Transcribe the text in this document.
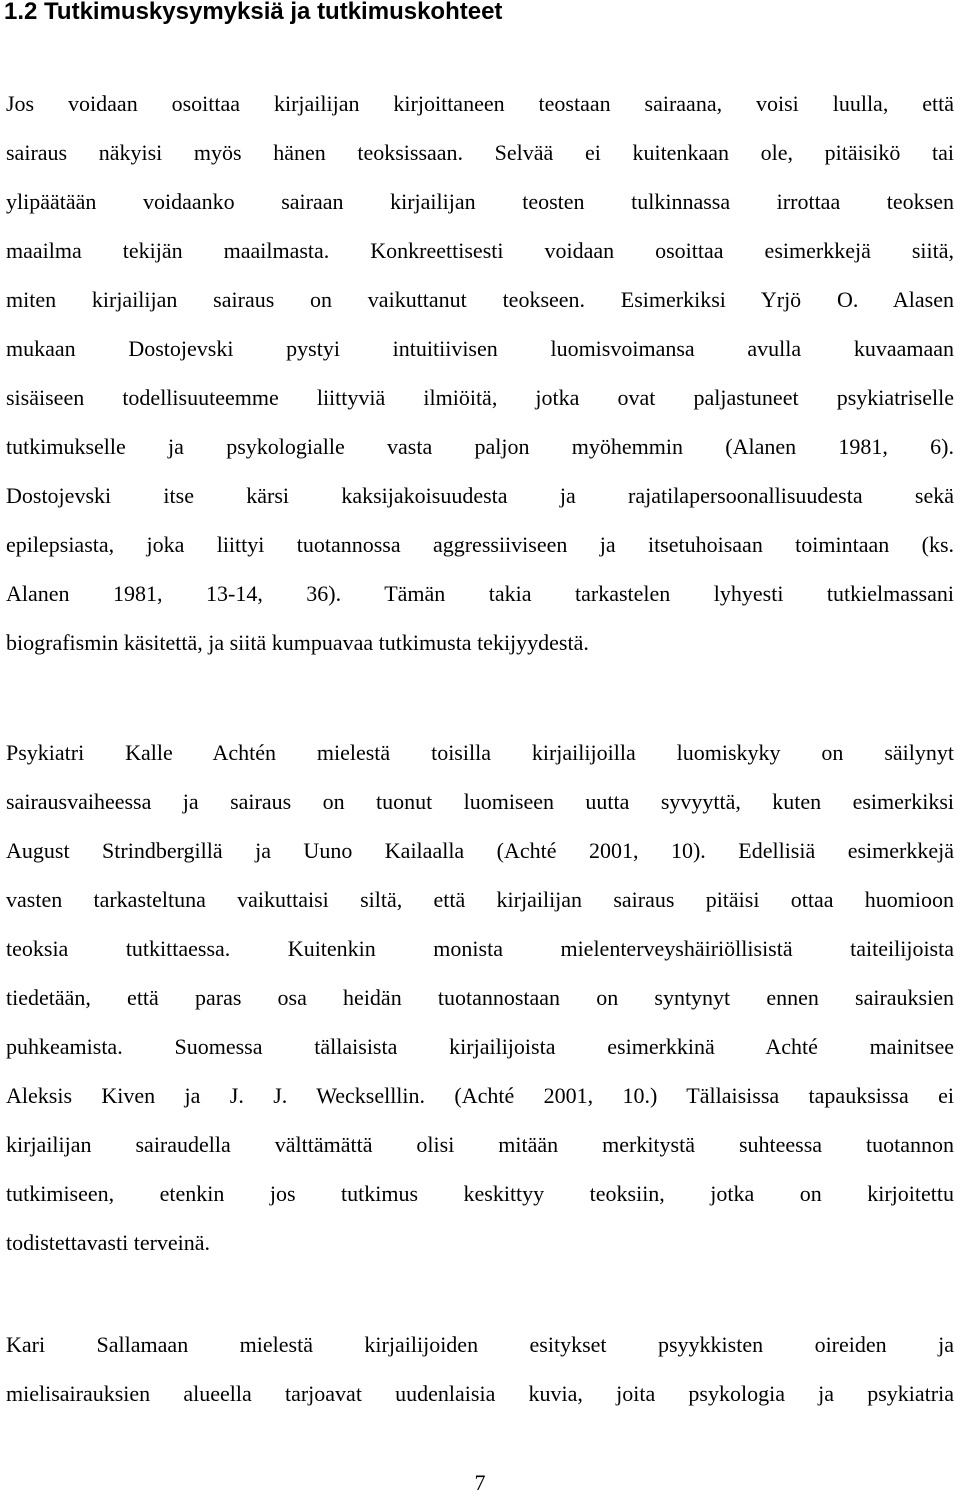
1.2 Tutkimuskysymyksiä ja tutkimuskohteet
Jos voidaan osoittaa kirjailijan kirjoittaneen teostaan sairaana, voisi luulla, että
sairaus näkyisi myös hänen teoksissaan. Selvää ei kuitenkaan ole, pitäisikö tai
ylipäätään voidaanko sairaan kirjailijan teosten tulkinnassa irrottaa teoksen
maailma tekijän maailmasta. Konkreettisesti voidaan osoittaa esimerkkejä siitä,
miten kirjailijan sairaus on vaikuttanut teokseen. Esimerkiksi Yrjö O. Alasen
mukaan Dostojevski pystyi intuitiivisen luomisvoimansa avulla kuvaamaan
sisäiseen todellisuuteemme liittyviä ilmiöitä, jotka ovat paljastuneet psykiatriselle
tutkimukselle ja psykologialle vasta paljon myöhemmin (Alanen 1981, 6).
Dostojevski itse kärsi kaksijakoisuudesta ja rajatilapersoonallisuudesta sekä
epilepsiasta, joka liittyi tuotannossa aggressiiviseen ja itsetuhoisaan toimintaan (ks.
Alanen 1981, 13-14, 36). Tämän takia tarkastelen lyhyesti tutkielmassani
biografismin käsitettä, ja siitä kumpuavaa tutkimusta tekijyydestä.
Psykiatri Kalle Achtén mielestä toisilla kirjailijoilla luomiskyky on säilynyt
sairausvaiheessa ja sairaus on tuonut luomiseen uutta syvyyttä, kuten esimerkiksi
August Strindbergillä ja Uuno Kailaalla (Achté 2001, 10). Edellisiä esimerkkejä
vasten tarkasteltuna vaikuttaisi siltä, että kirjailijan sairaus pitäisi ottaa huomioon
teoksia tutkittaessa. Kuitenkin monista mielenterveyshäiriöllisistä taiteilijoista
tiedetään, että paras osa heidän tuotannostaan on syntynyt ennen sairauksien
puhkeamista. Suomessa tällaisista kirjailijoista esimerkkinä Achté mainitsee
Aleksis Kiven ja J. J. Weckselllin. (Achté 2001, 10.) Tällaisissa tapauksissa ei
kirjailijan sairaudella välttämättä olisi mitään merkitystä suhteessa tuotannon
tutkimiseen, etenkin jos tutkimus keskittyy teoksiin, jotka on kirjoitettu
todistettavasti terveinä.
Kari Sallamaan mielestä kirjailijoiden esitykset psyykkisten oireiden ja
mielisairauksien alueella tarjoavat uudenlaisia kuvia, joita psykologia ja psykiatria
7
